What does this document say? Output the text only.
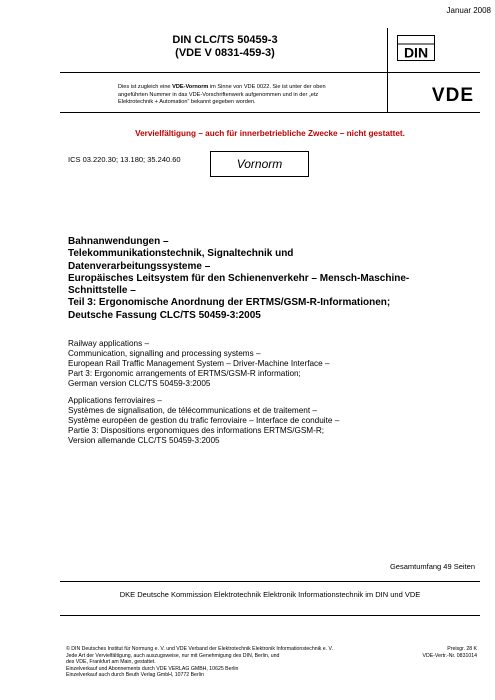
Januar 2008
DIN CLC/TS 50459-3
(VDE V 0831-459-3)	DIN
VDE
Dies ist zugleich eine VDE-Vornorm im Sinne von VDE 0022. Sie ist unter der oben
angeführten Nummer in das VDE-Vorschriftenwerk aufgenommen und in der „etz
Elektrotechnik + Automation“ bekannt gegeben worden.
Vervielfältigung – auch für innerbetriebliche Zwecke – nicht gestattet.
ICS 03.220.30; 13.180; 35.240.60	Vornorm
Bahnanwendungen –
Telekommunikationstechnik, Signaltechnik und
Datenverarbeitungssysteme –
Europäisches Leitsystem für den Schienenverkehr – Mensch-Maschine-
Schnittstelle –
Teil 3: Ergonomische Anordnung der ERTMS/GSM-R-Informationen;
Deutsche Fassung CLC/TS 50459-3:2005
Railway applications –
Communication, signalling and processing systems –
European Rail Traffic Management System – Driver-Machine Interface –
Part 3: Ergonomic arrangements of ERTMS/GSM-R information;
German version CLC/TS 50459-3:2005
Applications ferroviaires –
Systèmes de signalisation, de télécommunications et de traitement –
Système européen de gestion du trafic ferroviaire – Interface de conduite –
Partie 3: Dispositions ergonomiques des informations ERTMS/GSM-R;
Version allemande CLC/TS 50459-3:2005
Gesamtumfang 49 Seiten
DKE Deutsche Kommission Elektrotechnik Elektronik Informationstechnik im DIN und VDE
© DIN Deutsches Institut für Normung e. V. und VDE Verband der Elektrotechnik Elektronik Informationstechnik e. V.
Jede Art der Vervielfältigung, auch auszugsweise, nur mit Genehmigung des DIN, Berlin, und
des VDE, Frankfurt am Main, gestattet.
Einzelverkauf und Abonnements durch VDE VERLAG GMBH, 10625 Berlin
Einzelverkauf auch durch Beuth Verlag GmbH, 10772 Berlin
Preisgr. 28 K
VDE-Vertr.-Nr. 0831014
